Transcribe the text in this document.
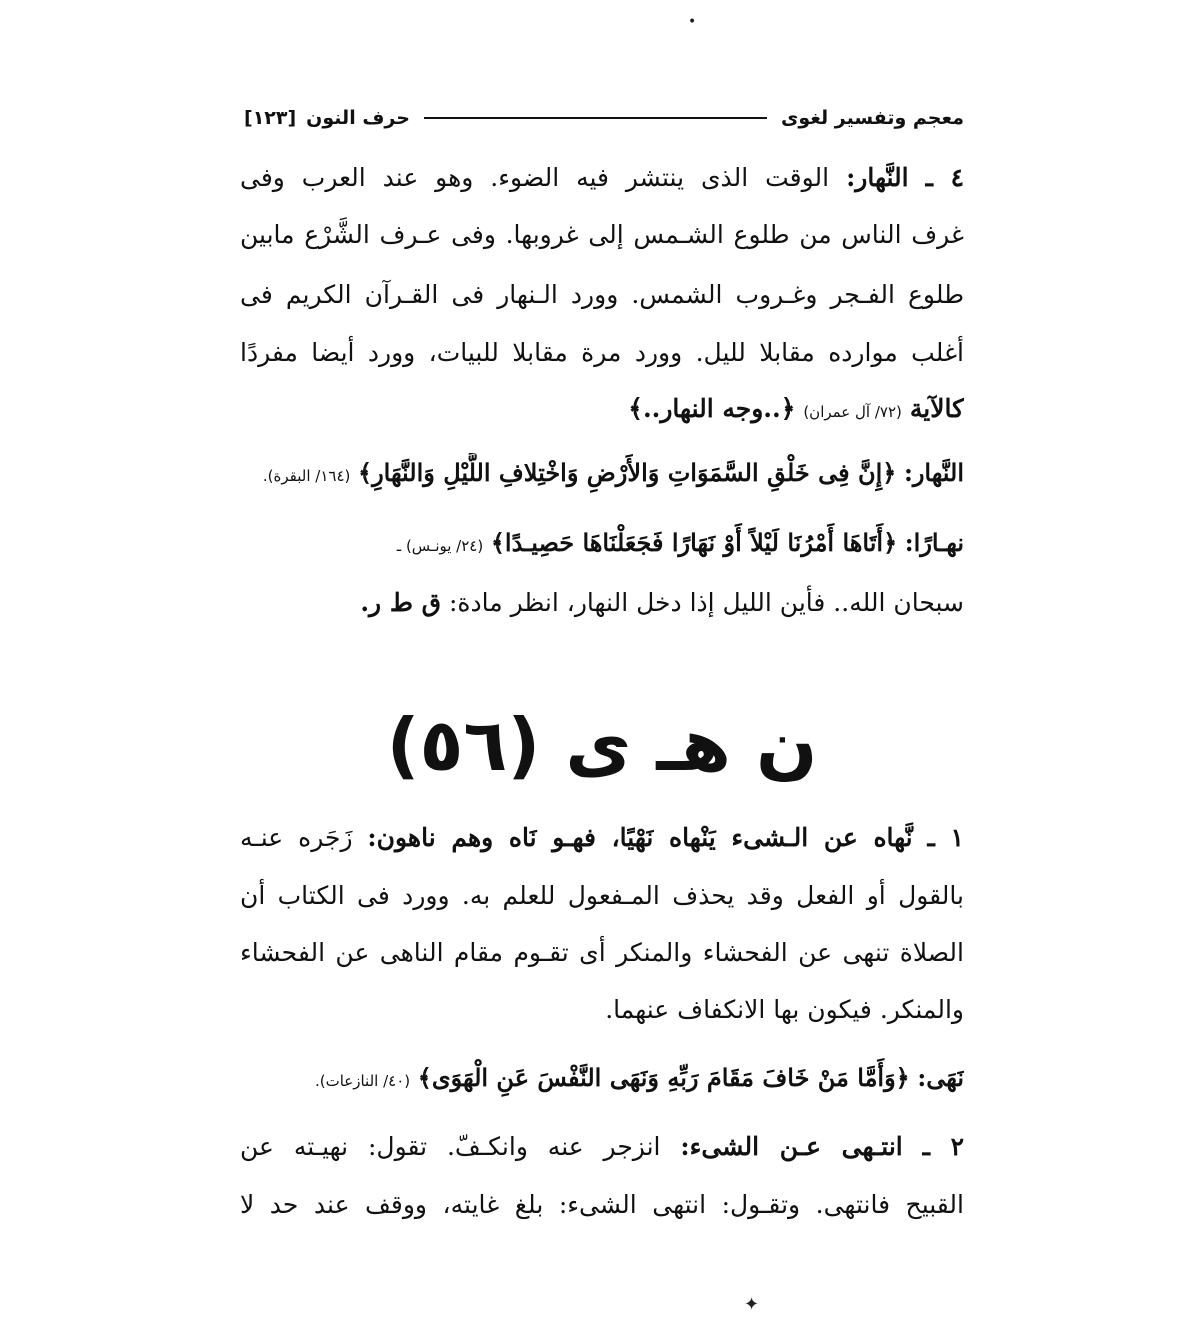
•
معجم وتفسير لغوى
حرف النون
[١٢٣]
٤ ـ النَّهار: الوقت الذى ينتشر فيه الضوء. وهو عند العرب وفى
غرف الناس من طلوع الشـمس إلى غروبها. وفى عـرف الشَّرْع مابين
طلوع الفـجر وغـروب الشمس. وورد الـنهار فى القـرآن الكريم فى
أغلب موارده مقابلا لليل. وورد مرة مقابلا للبيات، وورد أيضا مفردًا
كالآية (٧٢/ آل عمران) ﴿..وجه النهار..﴾
النَّهار: ﴿إِنَّ فِى خَلْقِ السَّمَوَاتِ وَالأَرْضِ وَاخْتِلافِ اللَّيْلِ وَالنَّهَارِ﴾ (١٦٤/ البقرة).
نهـارًا: ﴿أَتَاهَا أَمْرُنَا لَيْلاً أَوْ نَهَارًا فَجَعَلْنَاهَا حَصِيـدًا﴾ (٢٤/ يونـس) ـ
سبحان الله.. فأين الليل إذا دخل النهار، انظر مادة: ق ط ر.
ن هـ ى (٥٦)
١ ـ نَّهاه عن الـشىء يَنْهاه نَهْيًا، فهـو نَاه وهم ناهون: زَجَره عنـه
بالقول أو الفعل وقد يحذف المـفعول للعلم به. وورد فى الكتاب أن
الصلاة تنهى عن الفحشاء والمنكر أى تقـوم مقام الناهى عن الفحشاء
والمنكر. فيكون بها الانكفاف عنهما.
نَهَى: ﴿وَأَمَّا مَنْ خَافَ مَقَامَ رَبِّهِ وَنَهَى النَّفْسَ عَنِ الْهَوَى﴾ (٤٠/ النازعات).
٢ ـ انتـهى عـن الشىء: انزجر عنه وانكـفّ. تقول: نهيـته عن
القبيح فانتهى. وتقـول: انتهى الشىء: بلغ غايته، ووقف عند حد لا
✦
